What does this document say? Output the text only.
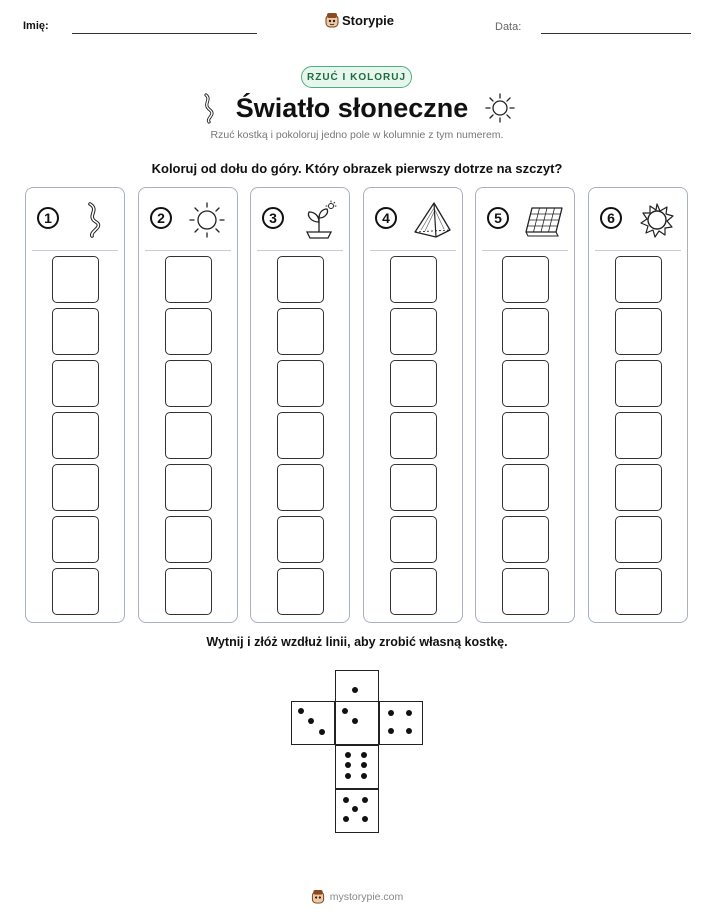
Imię:	Storypie	Data:
RZUĆ I KOLORUJ
Światło słoneczne
Rzuć kostką i pokoloruj jedno pole w kolumnie z tym numerem.
Koloruj od dołu do góry. Który obrazek pierwszy dotrze na szczyt?
1	2	3	4	5	6
Wytnij i złóż wzdłuż linii, aby zrobić własną kostkę.
mystorypie.com
